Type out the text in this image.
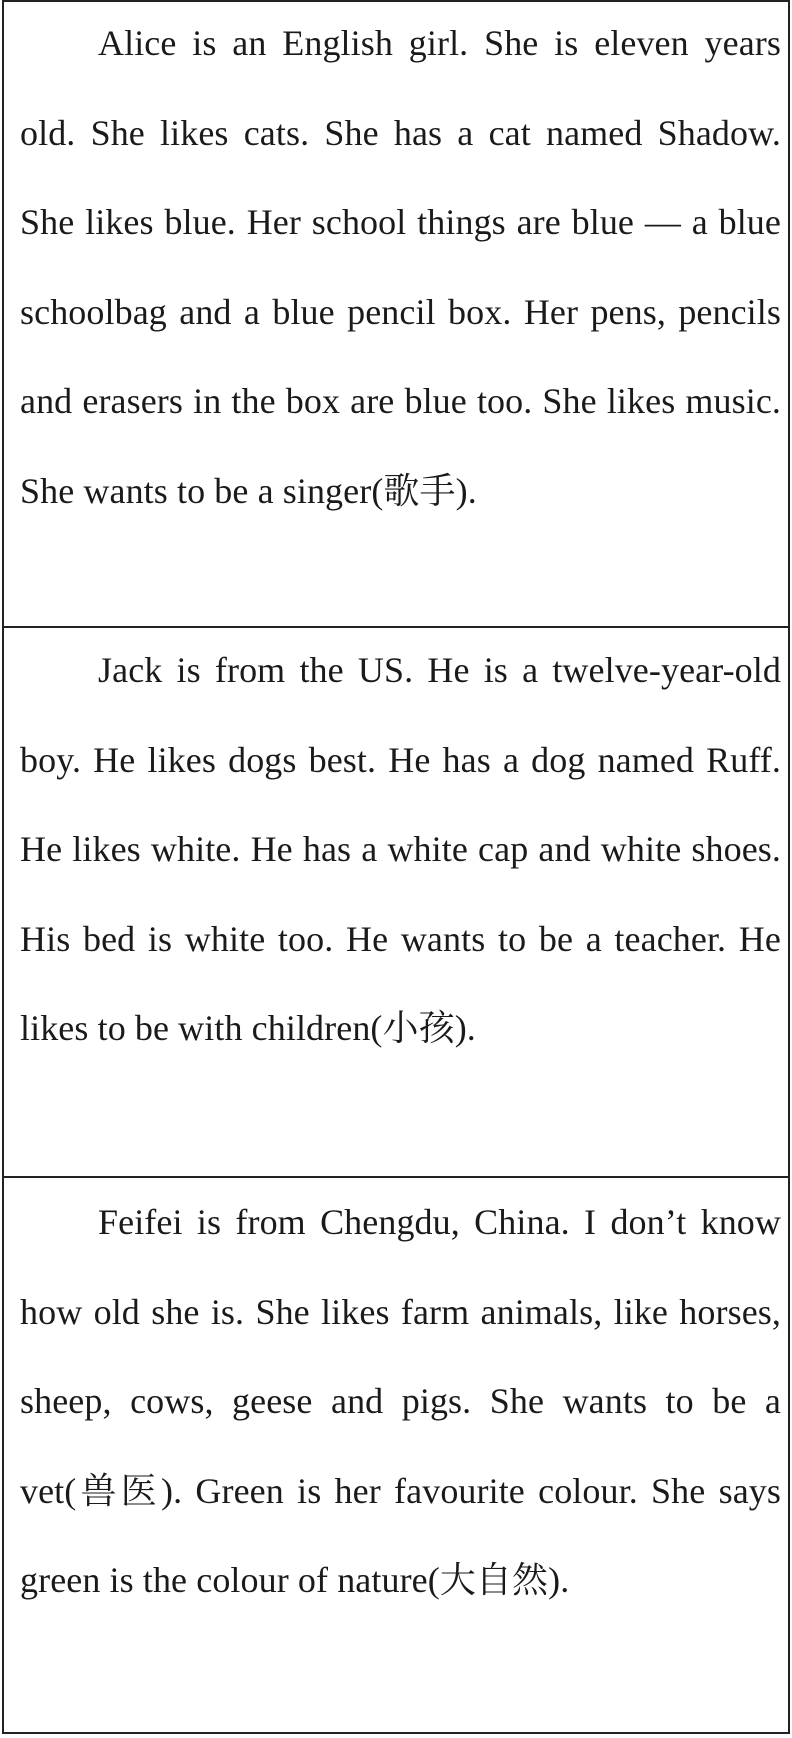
Alice is an English girl. She is eleven years old. She likes cats. She has a cat named Shadow. She likes blue. Her school things are blue — a blue schoolbag and a blue pencil box. Her pens, pencils and erasers in the box are blue too. She likes music. She wants to be a singer(歌手).

Jack is from the US. He is a twelve-year-old boy. He likes dogs best. He has a dog named Ruff. He likes white. He has a white cap and white shoes. His bed is white too. He wants to be a teacher. He likes to be with children(小孩).

Feifei is from Chengdu, China. I don’t know how old she is. She likes farm animals, like horses, sheep, cows, geese and pigs. She wants to be a vet(兽医). Green is her favourite colour. She says green is the colour of nature(大自然).
